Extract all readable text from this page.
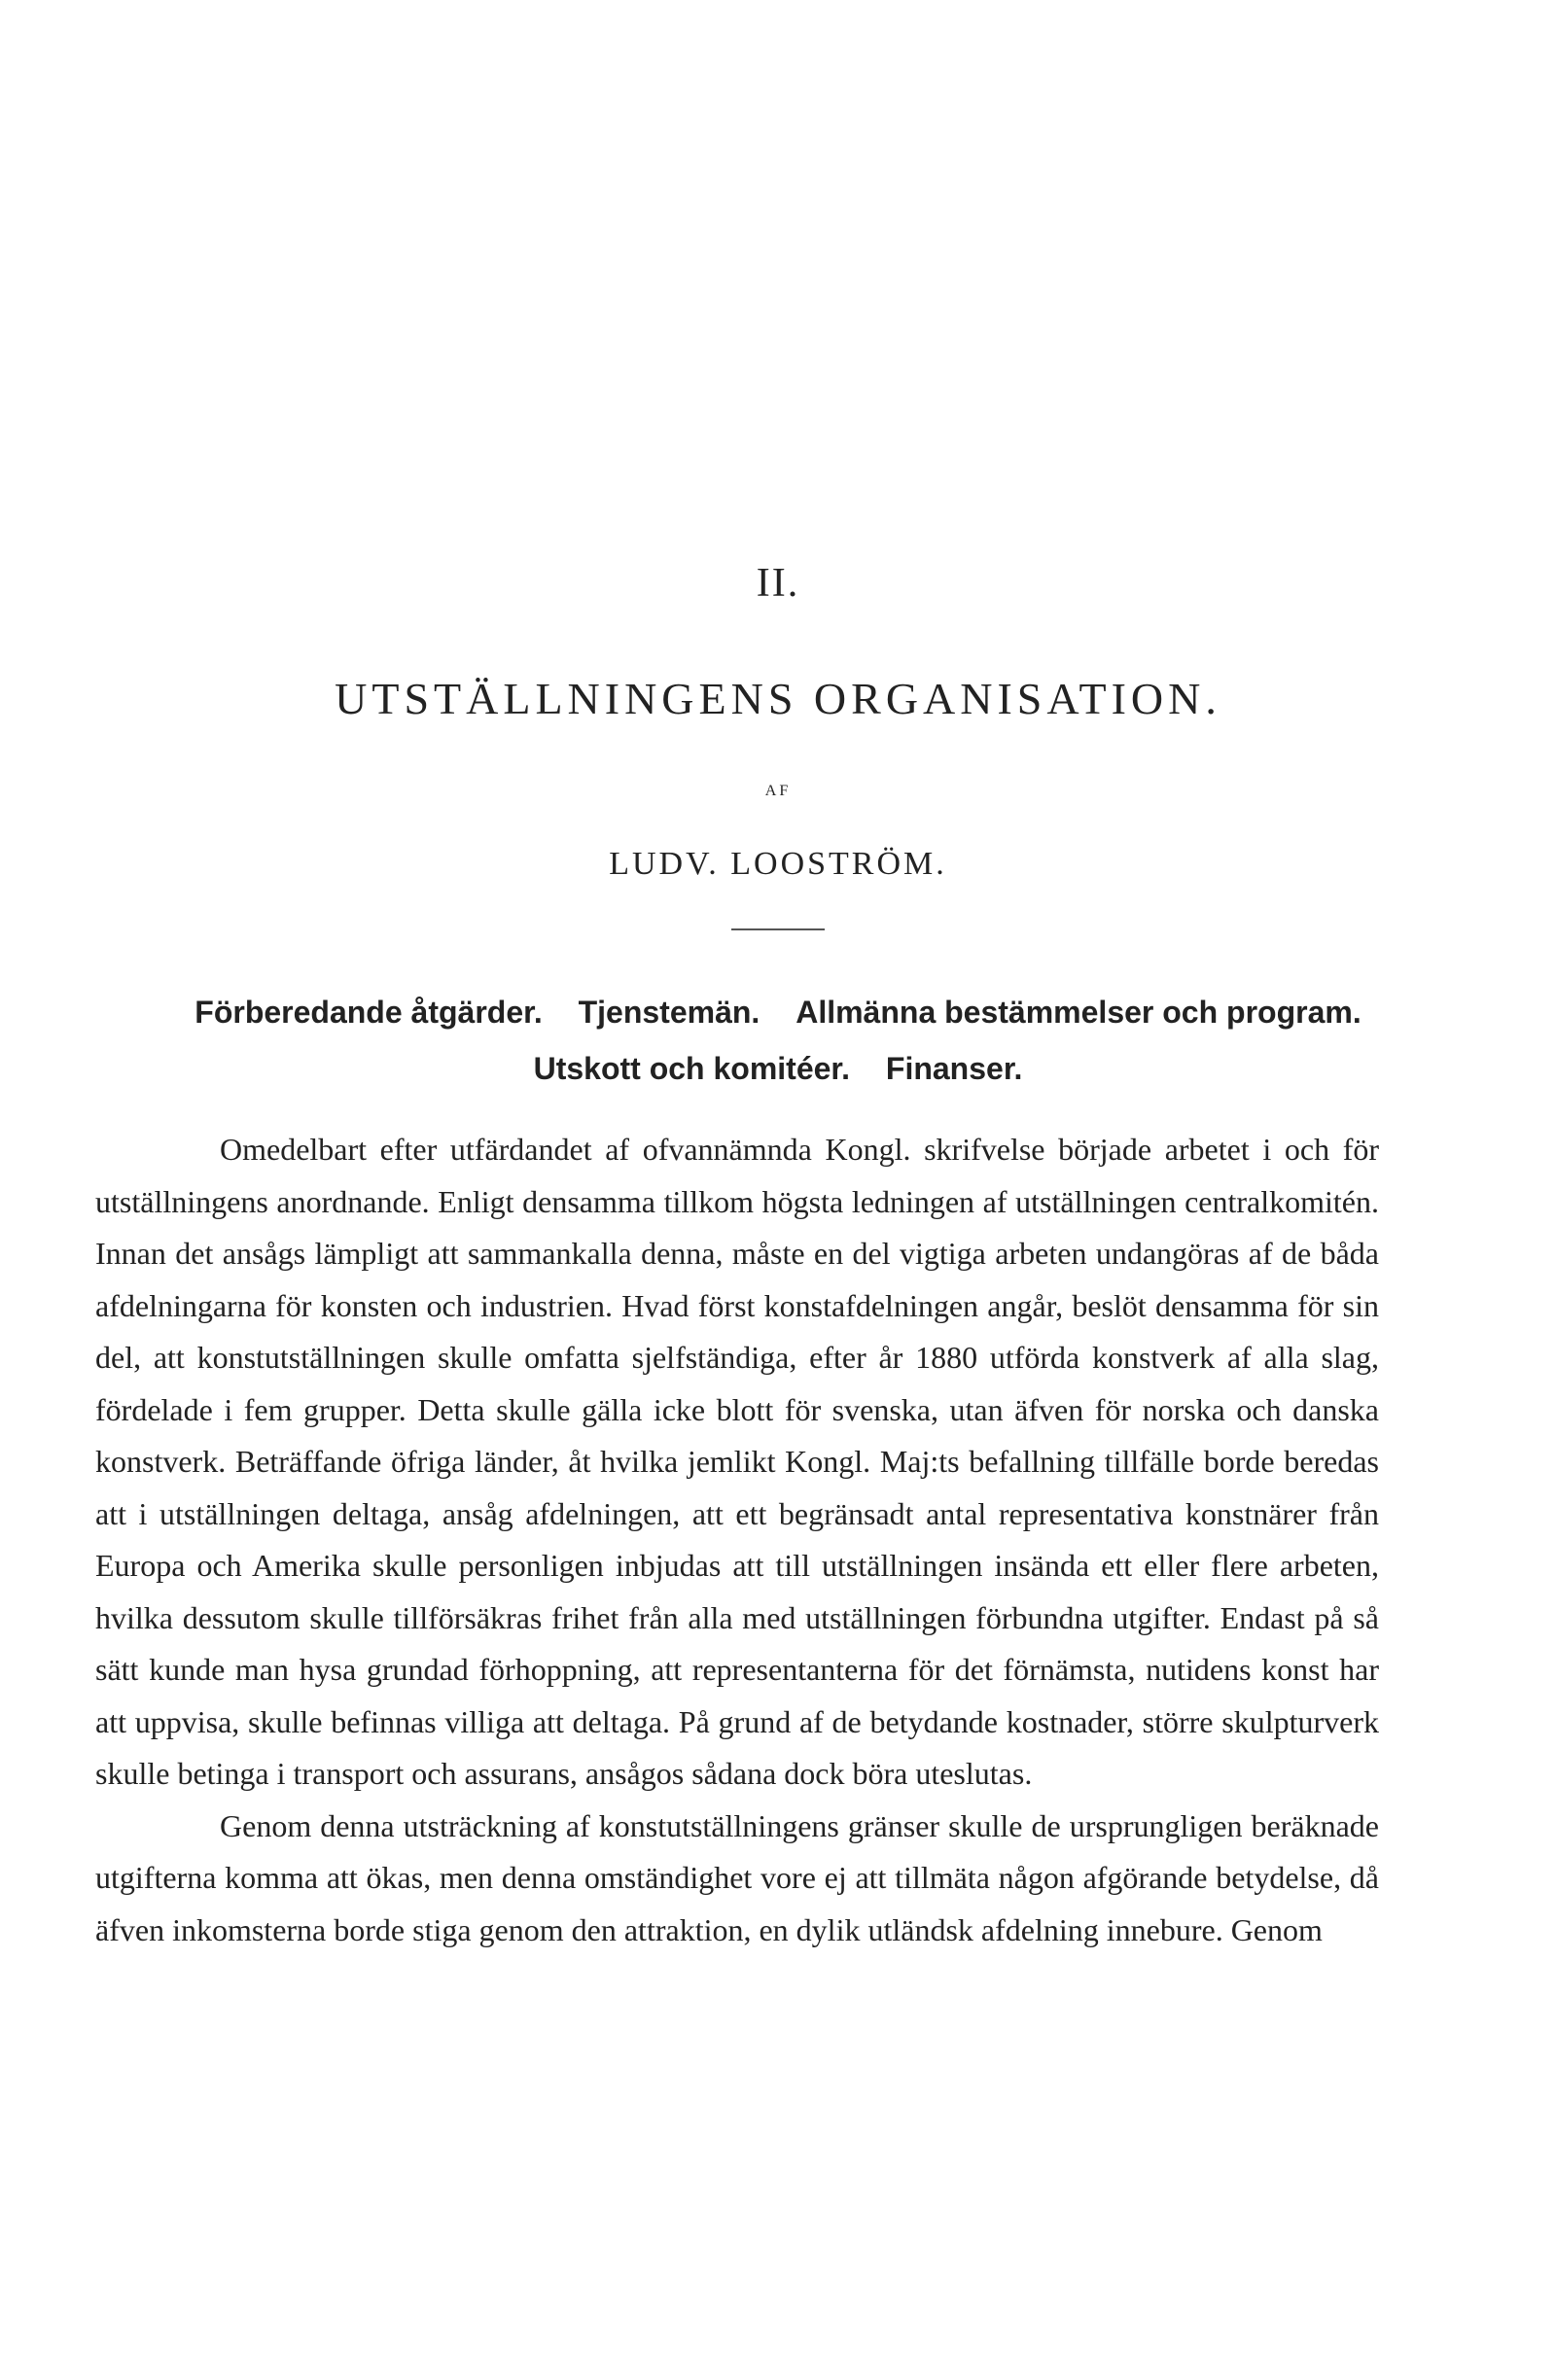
II.
UTSTÄLLNINGENS ORGANISATION.
AF
LUDV. LOOSTRÖM.

Förberedande åtgärder. Tjenstemän. Allmänna bestämmelser och program.
Utskott och komitéer. Finanser.

Omedelbart efter utfärdandet af ofvannämnda Kongl. skrifvelse började arbetet i och för utställningens anordnande. Enligt densamma tillkom högsta ledningen af utställningen centralkomitén. Innan det ansågs lämpligt att sammankalla denna, måste en del vigtiga arbeten undangöras af de båda afdelningarna för konsten och industrien. Hvad först konstafdelningen angår, beslöt densamma för sin del, att konstutställningen skulle omfatta sjelfständiga, efter år 1880 utförda konstverk af alla slag, fördelade i fem grupper. Detta skulle gälla icke blott för svenska, utan äfven för norska och danska konstverk. Beträffande öfriga länder, åt hvilka jemlikt Kongl. Maj:ts befallning tillfälle borde beredas att i utställningen deltaga, ansåg afdelningen, att ett begränsadt antal representativa konstnärer från Europa och Amerika skulle personligen inbjudas att till utställningen insända ett eller flere arbeten, hvilka dessutom skulle tillförsäkras frihet från alla med utställningen förbundna utgifter. Endast på så sätt kunde man hysa grundad förhoppning, att representanterna för det förnämsta, nutidens konst har att uppvisa, skulle befinnas villiga att deltaga. På grund af de betydande kostnader, större skulpturverk skulle betinga i transport och assurans, ansågos sådana dock böra uteslutas.

Genom denna utsträckning af konstutställningens gränser skulle de ursprungligen beräknade utgifterna komma att ökas, men denna omständighet vore ej att tillmäta någon afgörande betydelse, då äfven inkomsterna borde stiga genom den attraktion, en dylik utländsk afdelning innebure. Genom
